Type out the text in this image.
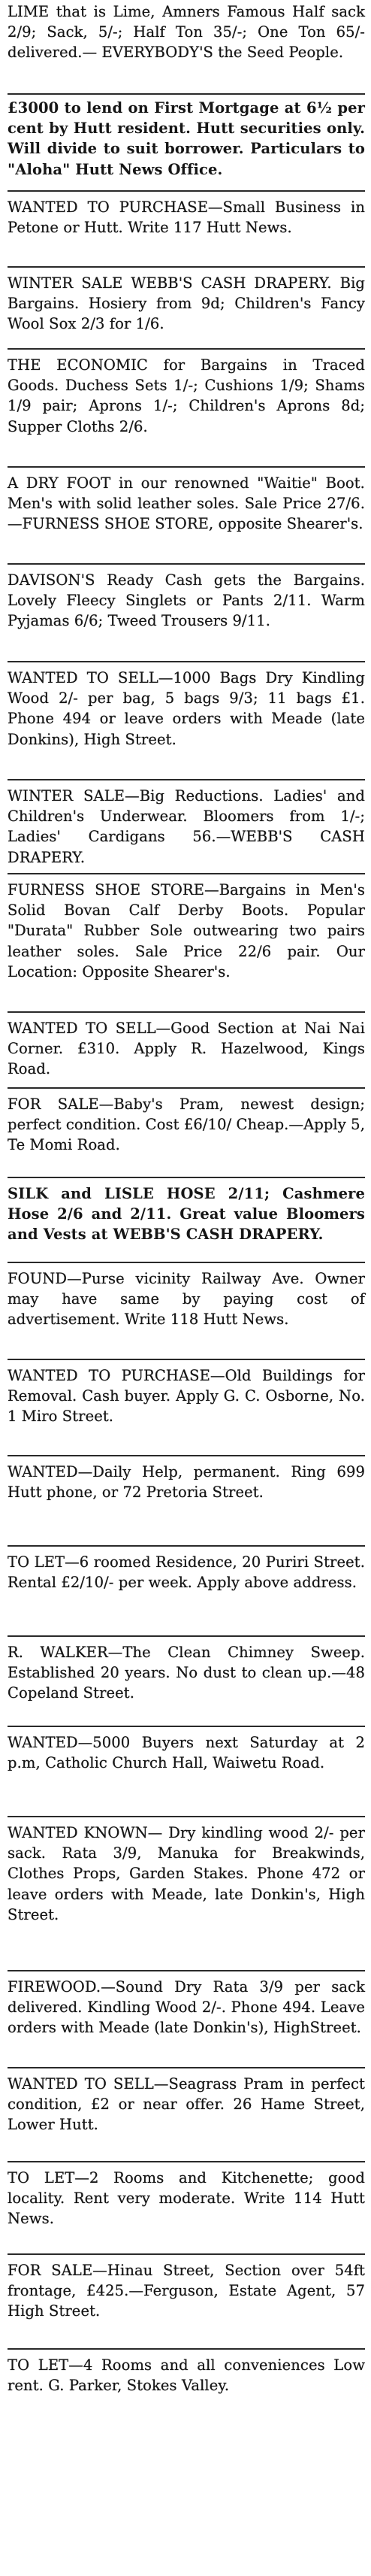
LIME that is Lime, Amners Famous Half sack 2/9; Sack, 5/-; Half Ton 35/-; One Ton 65/- delivered.— EVERYBODY'S the Seed People.

£3000 to lend on First Mortgage at 6½ per cent by Hutt resident. Hutt securities only. Will divide to suit borrower. Particulars to "Aloha" Hutt News Office.

WANTED TO PURCHASE—Small Business in Petone or Hutt. Write 117 Hutt News.

WINTER SALE WEBB'S CASH DRAPERY. Big Bargains. Hosiery from 9d; Children's Fancy Wool Sox 2/3 for 1/6.

THE ECONOMIC for Bargains in Traced Goods. Duchess Sets 1/-; Cushions 1/9; Shams 1/9 pair; Aprons 1/-; Children's Aprons 8d; Supper Cloths 2/6.

A DRY FOOT in our renowned "Waitie" Boot. Men's with solid leather soles. Sale Price 27/6.—FURNESS SHOE STORE, opposite Shearer's.

DAVISON'S Ready Cash gets the Bargains. Lovely Fleecy Singlets or Pants 2/11. Warm Pyjamas 6/6; Tweed Trousers 9/11.

WANTED TO SELL—1000 Bags Dry Kindling Wood 2/- per bag, 5 bags 9/3; 11 bags £1. Phone 494 or leave orders with Meade (late Donkins), High Street.

WINTER SALE—Big Reductions. Ladies' and Children's Underwear. Bloomers from 1/-; Ladies' Cardigans 56.—WEBB'S CASH DRAPERY.

FURNESS SHOE STORE—Bargains in Men's Solid Bovan Calf Derby Boots. Popular "Durata" Rubber Sole outwearing two pairs leather soles. Sale Price 22/6 pair. Our Location: Opposite Shearer's.

WANTED TO SELL—Good Section at Nai Nai Corner. £310. Apply R. Hazelwood, Kings Road.

FOR SALE—Baby's Pram, newest design; perfect condition. Cost £6/10/ Cheap.—Apply 5, Te Momi Road.

SILK and LISLE HOSE 2/11; Cashmere Hose 2/6 and 2/11. Great value Bloomers and Vests at WEBB'S CASH DRAPERY.

FOUND—Purse vicinity Railway Ave. Owner may have same by paying cost of advertisement. Write 118 Hutt News.

WANTED TO PURCHASE—Old Buildings for Removal. Cash buyer. Apply G. C. Osborne, No. 1 Miro Street.

WANTED—Daily Help, permanent. Ring 699 Hutt phone, or 72 Pretoria Street.

TO LET—6 roomed Residence, 20 Puriri Street. Rental £2/10/- per week. Apply above address.

R. WALKER—The Clean Chimney Sweep. Established 20 years. No dust to clean up.—48 Copeland Street.

WANTED—5000 Buyers next Saturday at 2 p.m, Catholic Church Hall, Waiwetu Road.

WANTED KNOWN— Dry kindling wood 2/- per sack. Rata 3/9, Manuka for Breakwinds, Clothes Props, Garden Stakes. Phone 472 or leave orders with Meade, late Donkin's, High Street.

FIREWOOD.—Sound Dry Rata 3/9 per sack delivered. Kindling Wood 2/-. Phone 494. Leave orders with Meade (late Donkin's), HighStreet.

WANTED TO SELL—Seagrass Pram in perfect condition, £2 or near offer. 26 Hame Street, Lower Hutt.

TO LET—2 Rooms and Kitchenette; good locality. Rent very moderate. Write 114 Hutt News.

FOR SALE—Hinau Street, Section over 54ft frontage, £425.—Ferguson, Estate Agent, 57 High Street.

TO LET—4 Rooms and all conveniences Low rent. G. Parker, Stokes Valley.
